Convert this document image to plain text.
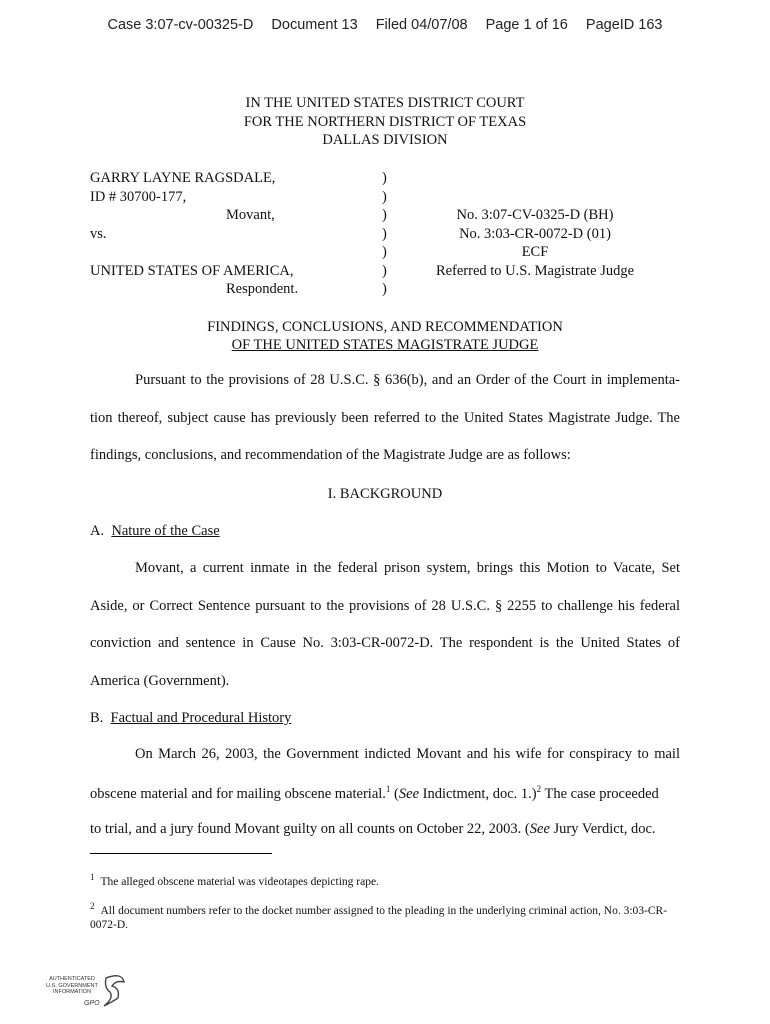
Case 3:07-cv-00325-D Document 13 Filed 04/07/08 Page 1 of 16 PageID 163
IN THE UNITED STATES DISTRICT COURT
FOR THE NORTHERN DISTRICT OF TEXAS
DALLAS DIVISION
GARRY LAYNE RAGSDALE,
ID # 30700-177,
Movant,
vs.

UNITED STATES OF AMERICA,
Respondent.
)
)
)
)
)
)
)
No. 3:07-CV-0325-D (BH)
No. 3:03-CR-0072-D (01)
ECF
Referred to U.S. Magistrate Judge
FINDINGS, CONCLUSIONS, AND RECOMMENDATION
OF THE UNITED STATES MAGISTRATE JUDGE
Pursuant to the provisions of 28 U.S.C. § 636(b), and an Order of the Court in implementa-
tion thereof, subject cause has previously been referred to the United States Magistrate Judge. The
findings, conclusions, and recommendation of the Magistrate Judge are as follows:
I. BACKGROUND
A. Nature of the Case
Movant, a current inmate in the federal prison system, brings this Motion to Vacate, Set
Aside, or Correct Sentence pursuant to the provisions of 28 U.S.C. § 2255 to challenge his federal
conviction and sentence in Cause No. 3:03-CR-0072-D. The respondent is the United States of
America (Government).
B. Factual and Procedural History
On March 26, 2003, the Government indicted Movant and his wife for conspiracy to mail
obscene material and for mailing obscene material.$^1$ (See Indictment, doc. 1.)$^2$ The case proceeded
to trial, and a jury found Movant guilty on all counts on October 22, 2003. (See Jury Verdict, doc.
$^1$ The alleged obscene material was videotapes depicting rape.
$^2$ All document numbers refer to the docket number assigned to the pleading in the underlying criminal action, No. 3:03-CR-0072-D.
AUTHENTICATED
U.S. GOVERNMENT
INFORMATION
GPO
